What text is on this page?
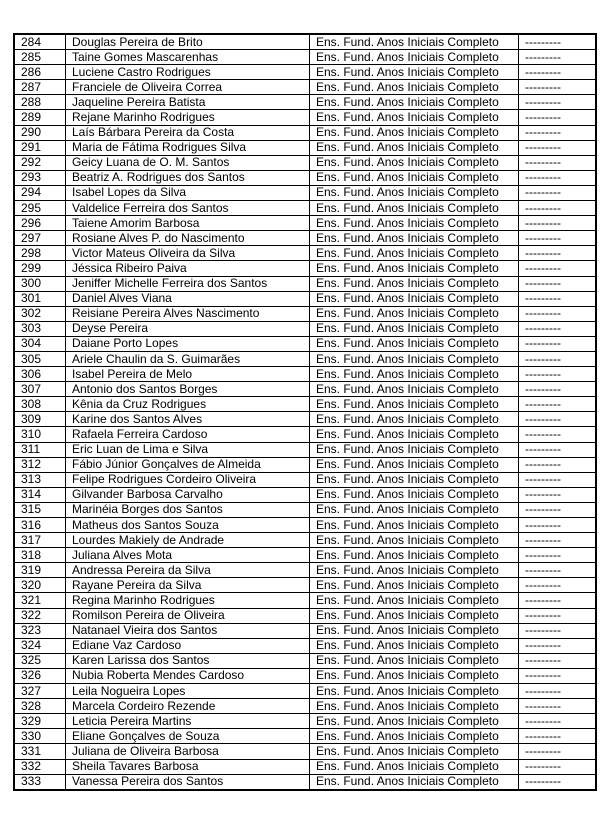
284	Douglas Pereira de Brito	Ens. Fund. Anos Iniciais Completo	---------
285	Taine Gomes Mascarenhas	Ens. Fund. Anos Iniciais Completo	---------
286	Luciene Castro Rodrigues	Ens. Fund. Anos Iniciais Completo	---------
287	Franciele de Oliveira Correa	Ens. Fund. Anos Iniciais Completo	---------
288	Jaqueline Pereira Batista	Ens. Fund. Anos Iniciais Completo	---------
289	Rejane Marinho Rodrigues	Ens. Fund. Anos Iniciais Completo	---------
290	Laís Bárbara Pereira da Costa	Ens. Fund. Anos Iniciais Completo	---------
291	Maria de Fátima Rodrigues Silva	Ens. Fund. Anos Iniciais Completo	---------
292	Geicy Luana de O. M. Santos	Ens. Fund. Anos Iniciais Completo	---------
293	Beatriz A. Rodrigues dos Santos	Ens. Fund. Anos Iniciais Completo	---------
294	Isabel Lopes da Silva	Ens. Fund. Anos Iniciais Completo	---------
295	Valdelice Ferreira dos Santos	Ens. Fund. Anos Iniciais Completo	---------
296	Taiene Amorim Barbosa	Ens. Fund. Anos Iniciais Completo	---------
297	Rosiane Alves P. do Nascimento	Ens. Fund. Anos Iniciais Completo	---------
298	Victor Mateus Oliveira da Silva	Ens. Fund. Anos Iniciais Completo	---------
299	Jéssica Ribeiro Paiva	Ens. Fund. Anos Iniciais Completo	---------
300	Jeniffer Michelle Ferreira dos Santos	Ens. Fund. Anos Iniciais Completo	---------
301	Daniel Alves Viana	Ens. Fund. Anos Iniciais Completo	---------
302	Reisiane Pereira Alves Nascimento	Ens. Fund. Anos Iniciais Completo	---------
303	Deyse Pereira	Ens. Fund. Anos Iniciais Completo	---------
304	Daiane Porto Lopes	Ens. Fund. Anos Iniciais Completo	---------
305	Ariele Chaulin da S. Guimarães	Ens. Fund. Anos Iniciais Completo	---------
306	Isabel Pereira de Melo	Ens. Fund. Anos Iniciais Completo	---------
307	Antonio dos Santos Borges	Ens. Fund. Anos Iniciais Completo	---------
308	Kênia da Cruz Rodrigues	Ens. Fund. Anos Iniciais Completo	---------
309	Karine dos Santos Alves	Ens. Fund. Anos Iniciais Completo	---------
310	Rafaela Ferreira Cardoso	Ens. Fund. Anos Iniciais Completo	---------
311	Eric Luan de Lima e Silva	Ens. Fund. Anos Iniciais Completo	---------
312	Fábio Júnior Gonçalves de Almeida	Ens. Fund. Anos Iniciais Completo	---------
313	Felipe Rodrigues Cordeiro Oliveira	Ens. Fund. Anos Iniciais Completo	---------
314	Gilvander Barbosa Carvalho	Ens. Fund. Anos Iniciais Completo	---------
315	Marinéia Borges dos Santos	Ens. Fund. Anos Iniciais Completo	---------
316	Matheus dos Santos Souza	Ens. Fund. Anos Iniciais Completo	---------
317	Lourdes Makiely de Andrade	Ens. Fund. Anos Iniciais Completo	---------
318	Juliana Alves Mota	Ens. Fund. Anos Iniciais Completo	---------
319	Andressa Pereira da Silva	Ens. Fund. Anos Iniciais Completo	---------
320	Rayane Pereira da Silva	Ens. Fund. Anos Iniciais Completo	---------
321	Regina Marinho Rodrigues	Ens. Fund. Anos Iniciais Completo	---------
322	Romilson Pereira de Oliveira	Ens. Fund. Anos Iniciais Completo	---------
323	Natanael Vieira dos Santos	Ens. Fund. Anos Iniciais Completo	---------
324	Ediane Vaz Cardoso	Ens. Fund. Anos Iniciais Completo	---------
325	Karen Larissa dos Santos	Ens. Fund. Anos Iniciais Completo	---------
326	Nubia Roberta Mendes Cardoso	Ens. Fund. Anos Iniciais Completo	---------
327	Leila Nogueira Lopes	Ens. Fund. Anos Iniciais Completo	---------
328	Marcela Cordeiro Rezende	Ens. Fund. Anos Iniciais Completo	---------
329	Leticia Pereira Martins	Ens. Fund. Anos Iniciais Completo	---------
330	Eliane Gonçalves de Souza	Ens. Fund. Anos Iniciais Completo	---------
331	Juliana de Oliveira Barbosa	Ens. Fund. Anos Iniciais Completo	---------
332	Sheila Tavares Barbosa	Ens. Fund. Anos Iniciais Completo	---------
333	Vanessa Pereira dos Santos	Ens. Fund. Anos Iniciais Completo	---------
